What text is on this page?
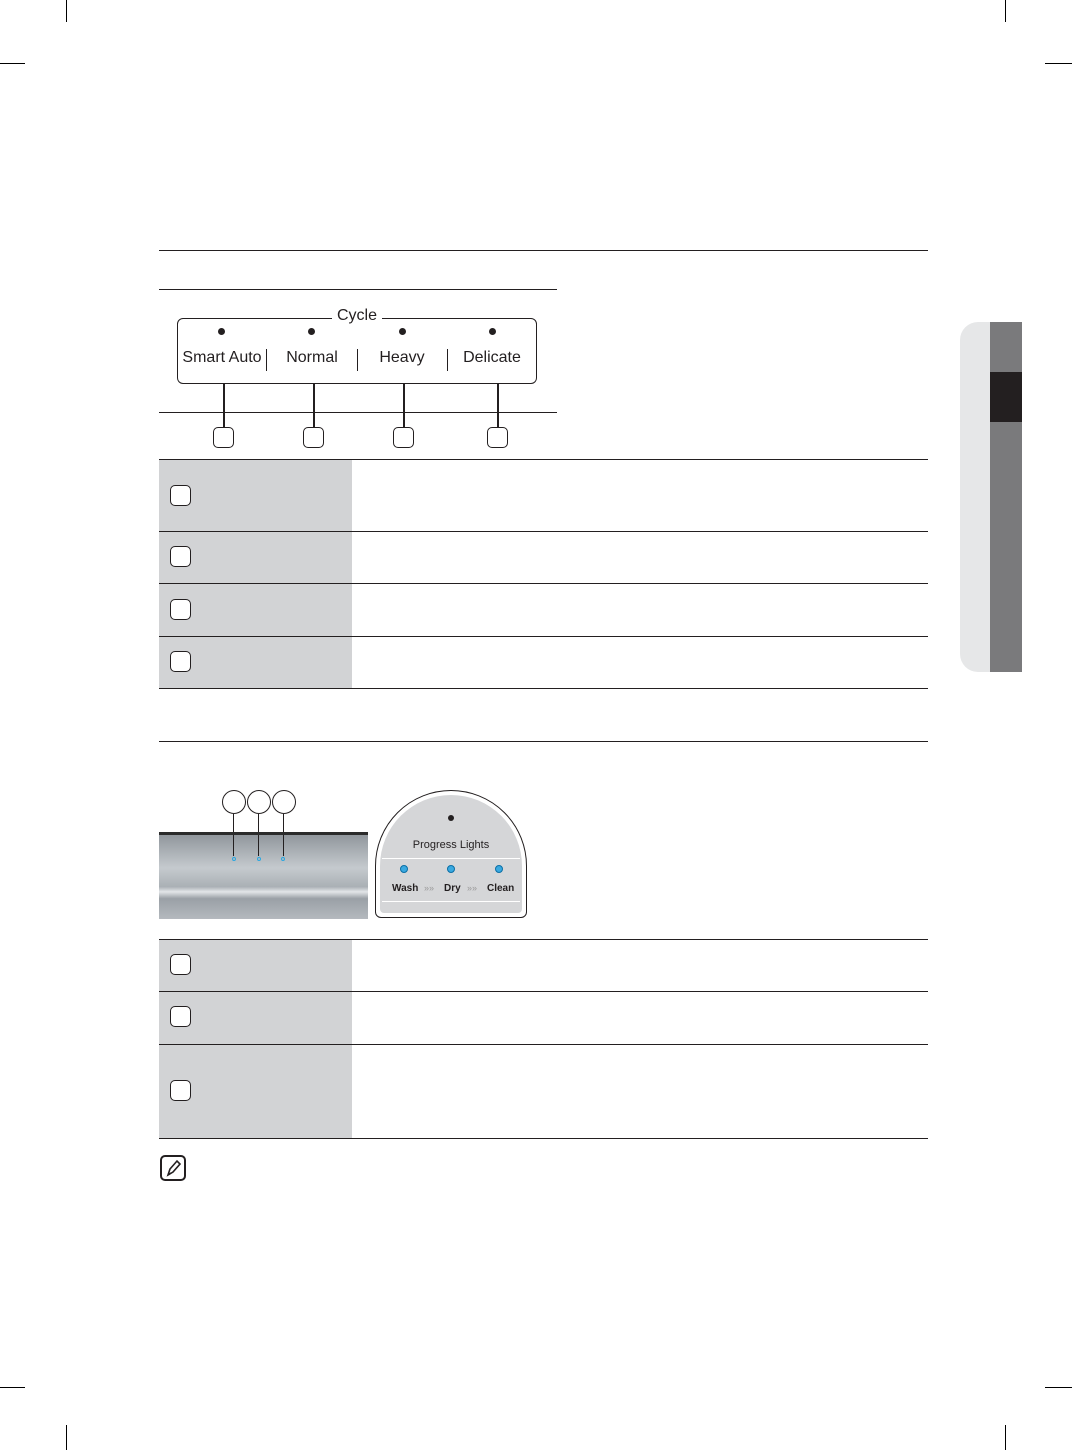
Cycle
Smart Auto	Normal	Heavy	Delicate
Progress Lights
Wash »» Dry »» Clean
